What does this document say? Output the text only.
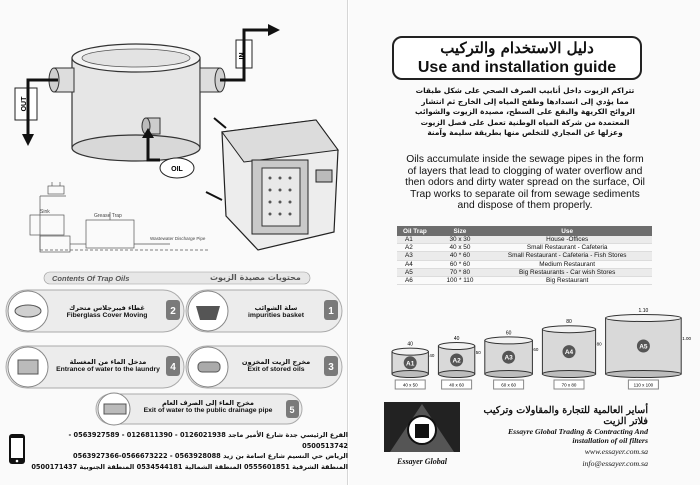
OUT
IN
OIL
Grease Trap
Sink
Wastewater Discharge Pipe
2	1
4	3
5
Contents Of Trap Oils	محتويات مصيدة الزيوت
غطاء فيبرجلاس متحرك
Fiberglass Cover Moving
سلة الشوائب
impurities basket
مدخل الماء من المغسلة
Entrance of water to the laundry
مخرج الزيت المخزون
Exit of stored oils
مخرج الماء إلى الصرف العام
Exit of water to the public drainage pipe
الفرع الرئيسي جدة شارع الأمير ماجد 0126021938 - 0126811390 - 0563927589 - 0500513742
الرياض حي النسيم شارع اسامة بن زيد 0563928088 - 0566673222-0563927366
المنطقة الشرقية 0555601851 المنطقة الشمالية 0534544181 المنطقة الجنوبية 0500171437
دليل الاستخدام والتركيب
Use and installation guide
تتراكم الزيوت داخل أنابيب الصرف الصحي على شكل طبقات مما يؤدي إلى انسدادها وطفح المياه إلى الخارج ثم انتشار الروائح الكريهة والبقع على السطح، مصيدة الزيوت والشوائب المعتمدة من شركة المياه الوطنية تعمل على فصل الزيوت وعزلها عن المجاري للتخلص منها بطريقة سليمة وآمنة
Oils accumulate inside the sewage pipes in the form of layers that lead to clogging of water overflow and then odors and dirty water spread on the surface, Oil Trap works to separate oil from sewage sediments and dispose of them properly.
Oil Trap	Size	Use
A1	30 x 30	House -Offices
A2	40 x 50	Small Restaurant - Cafeteria
A3	40 * 60	Small Restaurant - Cafeteria - Fish Stores
A4	60 * 60	Medium Restaurant
A5	70 * 80	Big Restaurants - Car wish Stores
A6	100 * 110	Big Restaurant
A1
40
40
40 x 50
A2
40
50
40 x 60
A3
60
60
60 x 60
A4
80
80
70 x 80
A5
1.10
1.00
110 x 100
Essayer Global
أساير العالمية للتجارة والمقاولات وتركيب فلاتر الزيت
Essayre Global Trading & Contracting And installation of oil filters
www.essayer.com.sa
info@essayer.com.sa
